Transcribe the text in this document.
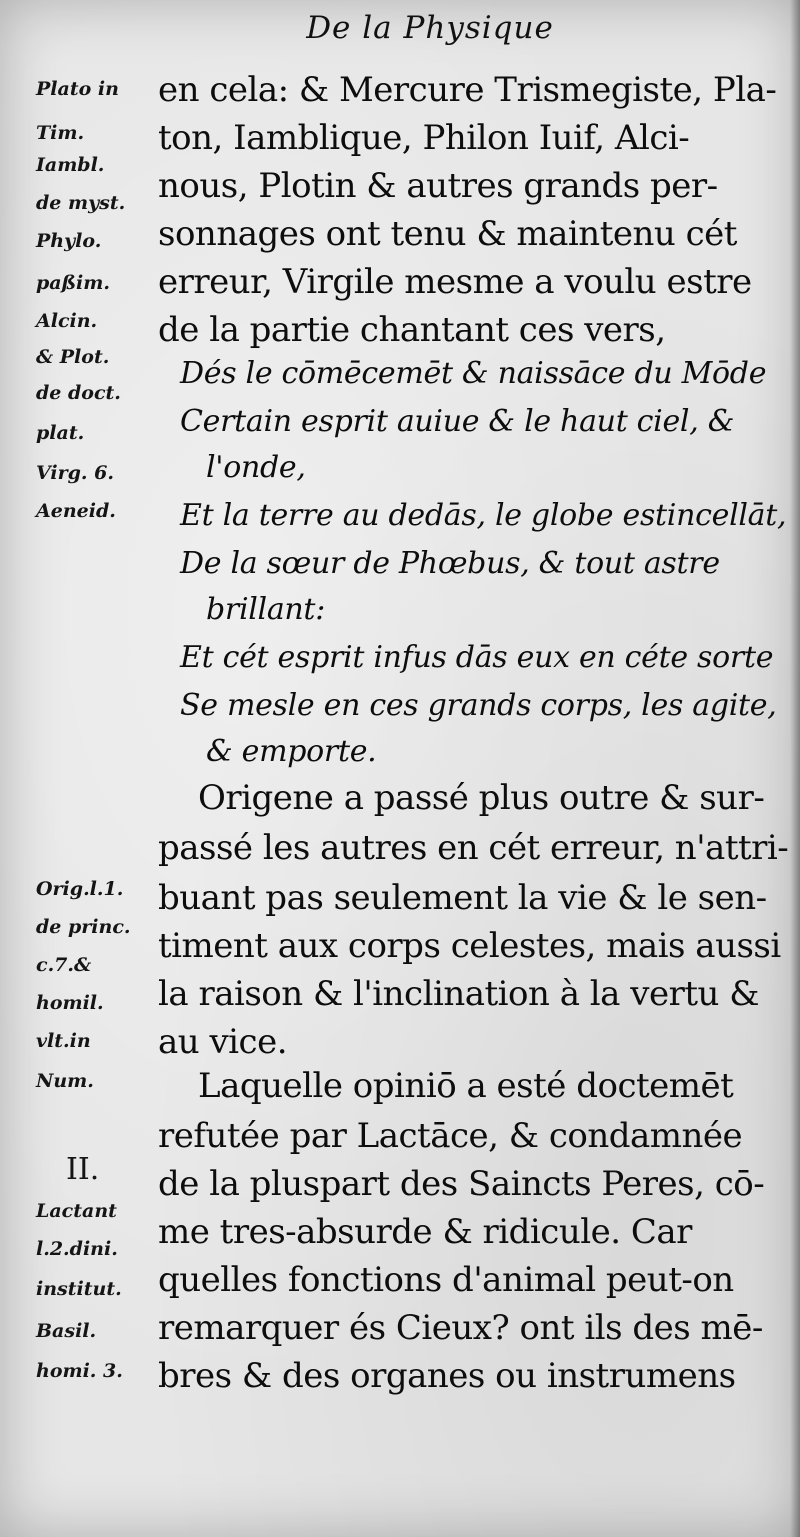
De la Physique
Plato in
Tim.
Iambl.
de myst.
Phylo.
paßim.
Alcin.
& Plot.
de doct.
plat.
Virg. 6.
Aeneid.
Orig.l.1.
de princ.
c.7.&
homil.
vlt.in
Num.
II.
Lactant
l.2.dini.
institut.
Basil.
homi. 3.
en cela: & Mercure Trismegiste, Pla-
ton, Iamblique, Philon Iuif, Alci-
nous, Plotin & autres grands per-
sonnages ont tenu & maintenu cét
erreur, Virgile mesme a voulu estre
de la partie chantant ces vers,
Dés le cōmēcemēt & naissāce du Mōde
Certain esprit auiue & le haut ciel, &
l'onde,
Et la terre au dedās, le globe estincellāt,
De la sœur de Phœbus, & tout astre
brillant:
Et cét esprit infus dās eux en céte sorte
Se mesle en ces grands corps, les agite,
& emporte.
Origene a passé plus outre & sur-
passé les autres en cét erreur, n'attri-
buant pas seulement la vie & le sen-
timent aux corps celestes, mais aussi
la raison & l'inclination à la vertu &
au vice.
Laquelle opiniō a esté doctemēt
refutée par Lactāce, & condamnée
de la pluspart des Saincts Peres, cō-
me tres-absurde & ridicule. Car
quelles fonctions d'animal peut-on
remarquer és Cieux? ont ils des mē-
bres & des organes ou instrumens
